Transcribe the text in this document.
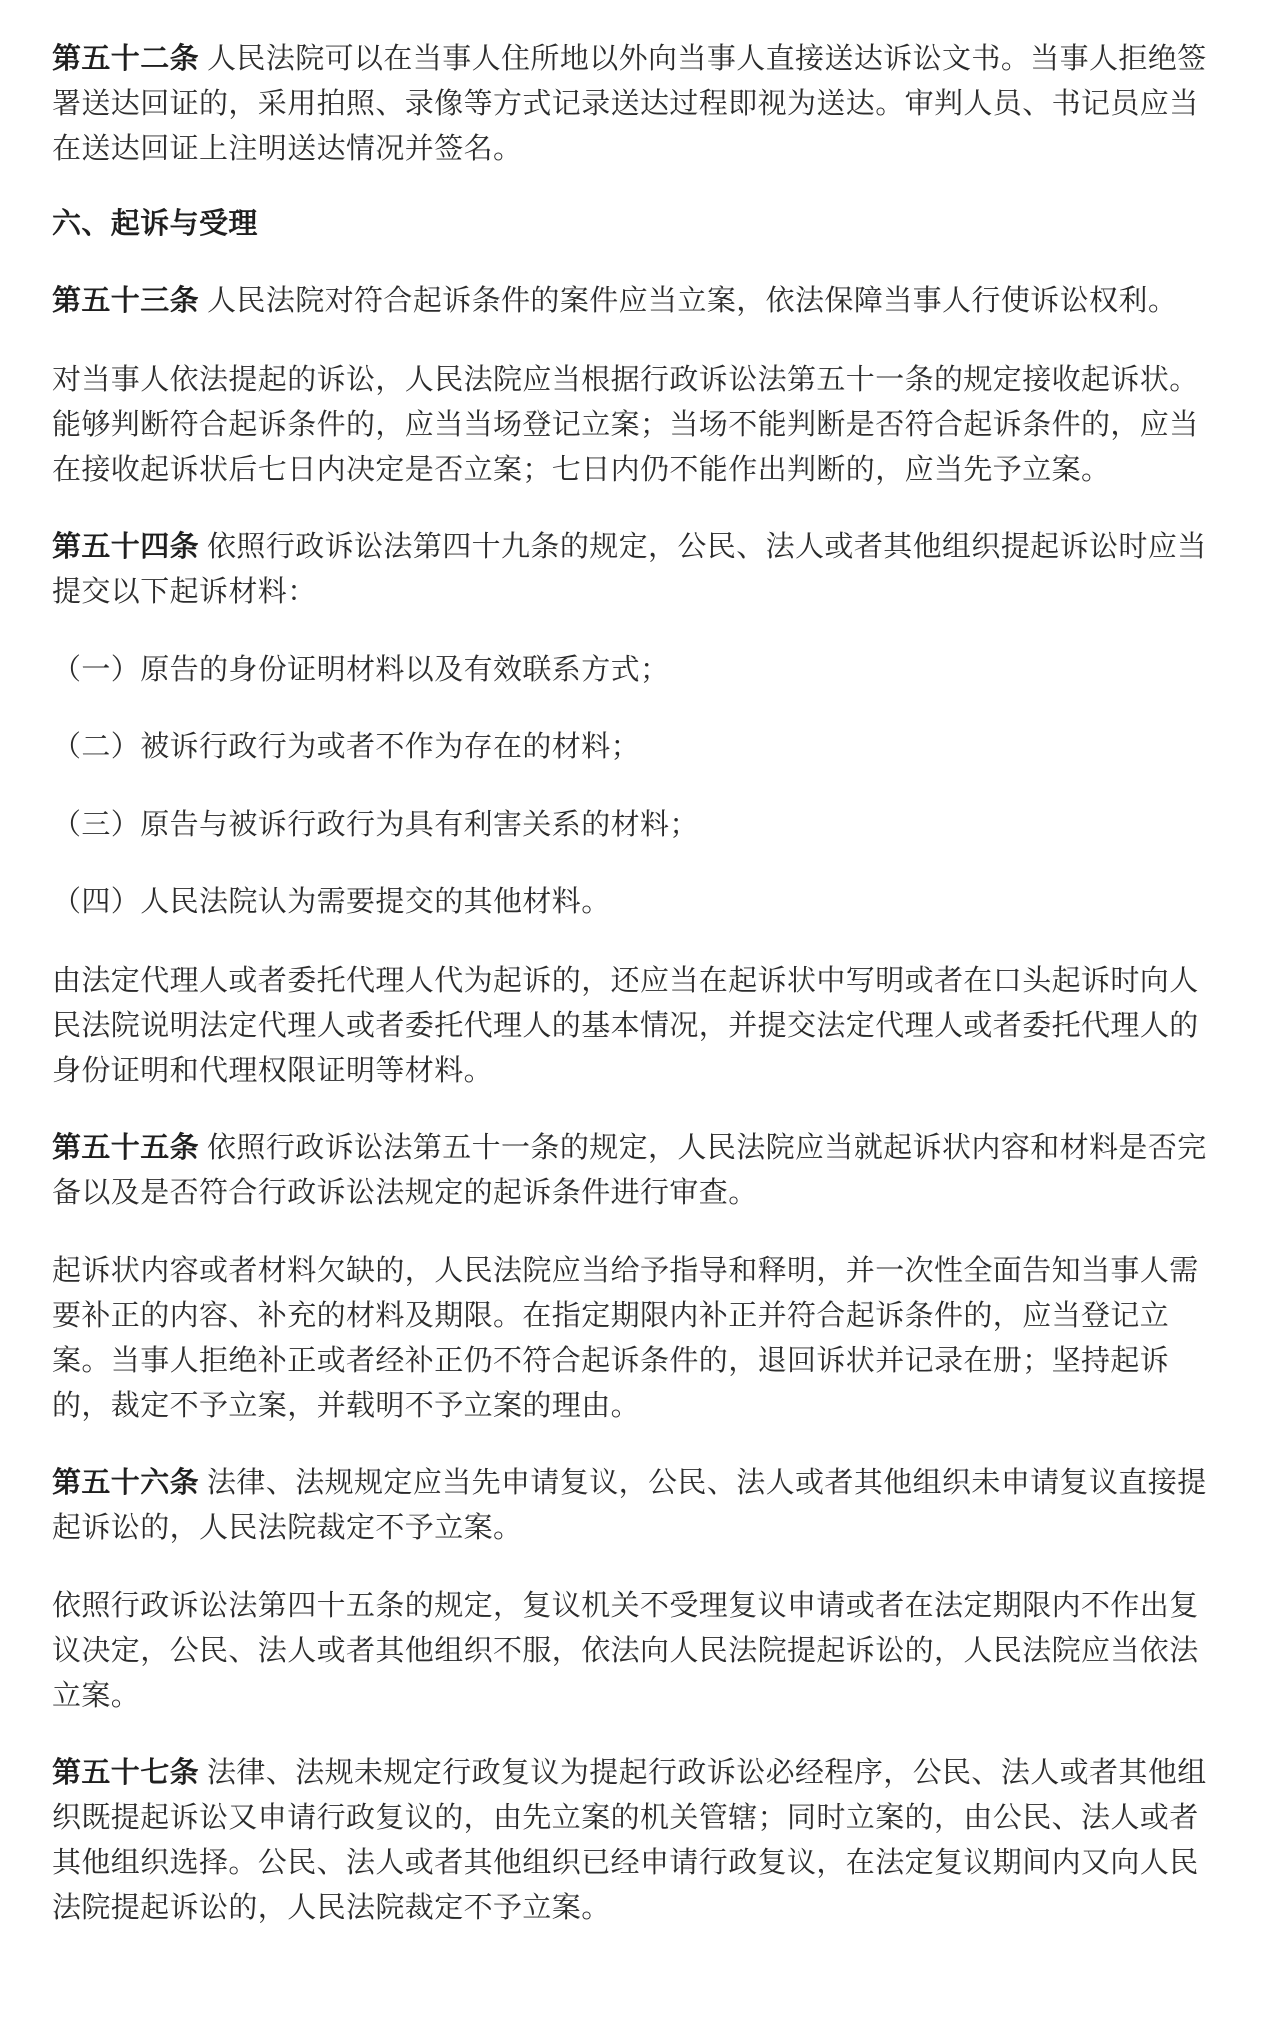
第五十二条 人民法院可以在当事人住所地以外向当事人直接送达诉讼文书。当事人拒绝签
署送达回证的，采用拍照、录像等方式记录送达过程即视为送达。审判人员、书记员应当
在送达回证上注明送达情况并签名。
六、起诉与受理
第五十三条 人民法院对符合起诉条件的案件应当立案，依法保障当事人行使诉讼权利。
对当事人依法提起的诉讼，人民法院应当根据行政诉讼法第五十一条的规定接收起诉状。
能够判断符合起诉条件的，应当当场登记立案；当场不能判断是否符合起诉条件的，应当
在接收起诉状后七日内决定是否立案；七日内仍不能作出判断的，应当先予立案。
第五十四条 依照行政诉讼法第四十九条的规定，公民、法人或者其他组织提起诉讼时应当
提交以下起诉材料：
（一）原告的身份证明材料以及有效联系方式；
（二）被诉行政行为或者不作为存在的材料；
（三）原告与被诉行政行为具有利害关系的材料；
（四）人民法院认为需要提交的其他材料。
由法定代理人或者委托代理人代为起诉的，还应当在起诉状中写明或者在口头起诉时向人
民法院说明法定代理人或者委托代理人的基本情况，并提交法定代理人或者委托代理人的
身份证明和代理权限证明等材料。
第五十五条 依照行政诉讼法第五十一条的规定，人民法院应当就起诉状内容和材料是否完
备以及是否符合行政诉讼法规定的起诉条件进行审查。
起诉状内容或者材料欠缺的，人民法院应当给予指导和释明，并一次性全面告知当事人需
要补正的内容、补充的材料及期限。在指定期限内补正并符合起诉条件的，应当登记立
案。当事人拒绝补正或者经补正仍不符合起诉条件的，退回诉状并记录在册；坚持起诉
的，裁定不予立案，并载明不予立案的理由。
第五十六条 法律、法规规定应当先申请复议，公民、法人或者其他组织未申请复议直接提
起诉讼的，人民法院裁定不予立案。
依照行政诉讼法第四十五条的规定，复议机关不受理复议申请或者在法定期限内不作出复
议决定，公民、法人或者其他组织不服，依法向人民法院提起诉讼的，人民法院应当依法
立案。
第五十七条 法律、法规未规定行政复议为提起行政诉讼必经程序，公民、法人或者其他组
织既提起诉讼又申请行政复议的，由先立案的机关管辖；同时立案的，由公民、法人或者
其他组织选择。公民、法人或者其他组织已经申请行政复议，在法定复议期间内又向人民
法院提起诉讼的，人民法院裁定不予立案。
